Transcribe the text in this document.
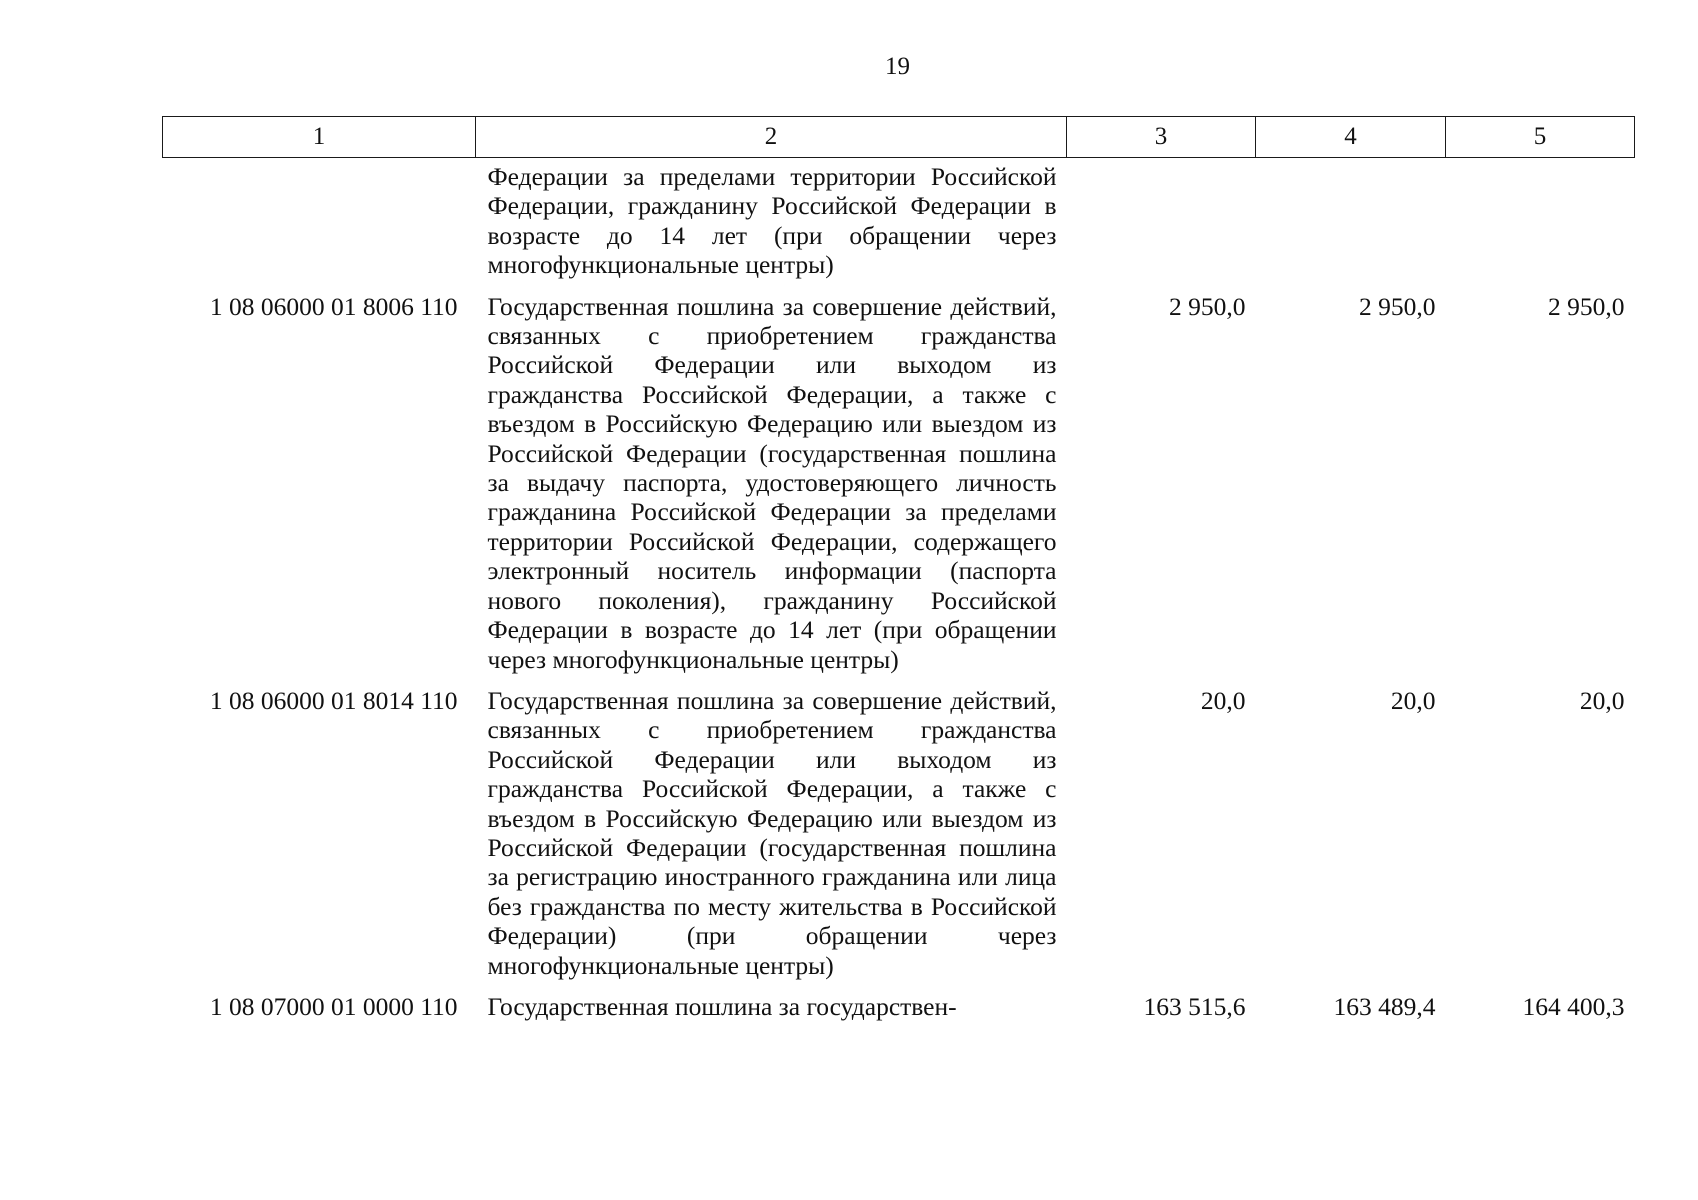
19
1	2	3	4	5
	Федерации за пределами территории Российской Федерации, гражданину Российской Федерации в возрасте до 14 лет (при обращении через многофункциональные центры)			
1 08 06000 01 8006 110	Государственная пошлина за совершение действий, связанных с приобретением гражданства Российской Федерации или выходом из гражданства Российской Федерации, а также с въездом в Российскую Федерацию или выездом из Российской Федерации (государственная пошлина за выдачу паспорта, удостоверяющего личность гражданина Российской Федерации за пределами территории Российской Федерации, содержащего электронный носитель информации (паспорта нового поколения), гражданину Российской Федерации в возрасте до 14 лет (при обращении через многофункциональные центры)	2 950,0	2 950,0	2 950,0
1 08 06000 01 8014 110	Государственная пошлина за совершение действий, связанных с приобретением гражданства Российской Федерации или выходом из гражданства Российской Федерации, а также с въездом в Российскую Федерацию или выездом из Российской Федерации (государственная пошлина за регистрацию иностранного гражданина или лица без гражданства по месту жительства в Российской Федерации) (при обращении через многофункциональные центры)	20,0	20,0	20,0
1 08 07000 01 0000 110	Государственная пошлина за государствен-	163 515,6	163 489,4	164 400,3
